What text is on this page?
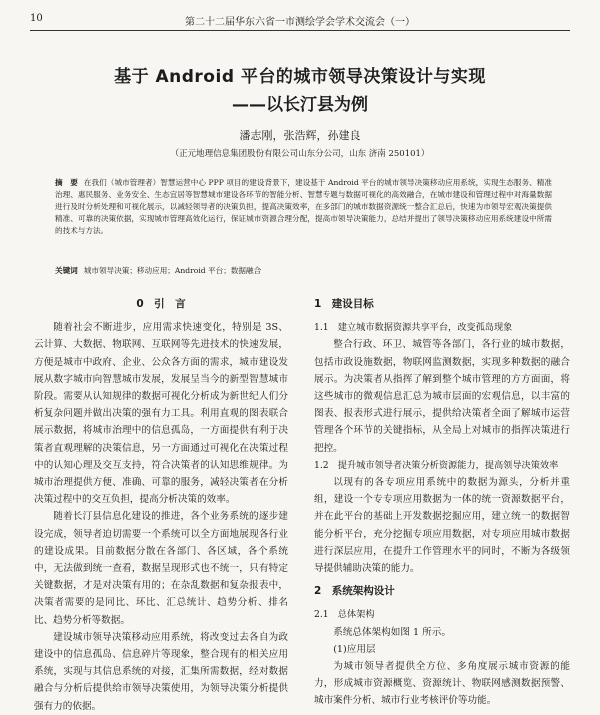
10	第二十二届华东六省一市测绘学会学术交流会（一）
基于 Android 平台的城市领导决策设计与实现
——以长汀县为例
潘志刚，张浩辉，孙建良
（正元地理信息集团股份有限公司山东分公司，山东 济南 250101）
摘　要 在我们（城市管理者）智慧运营中心 PPP 项目的建设背景下，建设基于 Android 平台的城市领导决策移动应用系统，实现生态服务、精准治理、惠民服务、业务安全、生态宜居等智慧城市建设各环节的智能分析、智慧专题与数据可视化的高效融合，在城市建设和管理过程中对海量数据进行及时分析处理和可视化展示，以减轻领导者的决策负担，提高决策效率，在多部门的城市数据资源统一整合汇总后，快速为市领导宏观决策提供精准、可靠的决策依据，实现城市管理高效化运行，保证城市资源合理分配，提高市领导决策能力，总结并提出了领导决策移动应用系统建设中所需的技术与方法。
关键词 城市领导决策；移动应用；Android 平台；数据融合
0　引　言

随着社会不断进步，应用需求快速变化，特别是 3S、云计算、大数据、物联网、互联网等先进技术的快速发展，方便是城市中政府、企业、公众各方面的需求，城市建设发展从数字城市向智慧城市发展，发展呈当今的新型智慧城市阶段。需要从认知规律的数据可视化分析成为新世纪人们分析复杂问题并做出决策的强有力工具。利用直观的图表联合展示数据，将城市治理中的信息孤岛，一方面提供有利于决策者直观理解的决策信息，另一方面通过可视化在决策过程中的认知心理及交互支持，符合决策者的认知思维规律。为城市治理提供方便、准确、可靠的服务，减轻决策者在分析决策过程中的交互负担，提高分析决策的效率。

随着长汀县信息化建设的推进，各个业务系统的逐步建设完成，领导者迫切需要一个系统可以全方面地展现各行业的建设成果。目前数据分散在各部门、各区域，各个系统中，无法做到统一查看，数据呈现形式也不统一，只有特定关键数据，才是对决策有用的；在杂乱数据和复杂报表中，决策者需要的是同比、环比、汇总统计、趋势分析、排名比、趋势分析等数据。

建设城市领导决策移动应用系统，将改变过去各自为政建设中的信息孤岛、信息碎片等现象，整合现有的相关应用系统，实现与其信息系统的对接，汇集所需数据，经对数据融合与分析后提供给市领导决策使用，为领导决策分析提供强有力的依据。

1　建设目标
1.1　建立城市数据资源共享平台，改变孤岛现象

整合行政、环卫、城管等各部门，各行业的城市数据，包括市政设施数据，物联网监测数据，实现多种数据的融合展示。为决策者从指挥了解到整个城市管理的方方面面，将这些城市的微观信息汇总为城市层面的宏观信息，以丰富的图表、报表形式进行展示，提供给决策者全面了解城市运营管理各个环节的关键指标，从全局上对城市的指挥决策进行把控。

1.2　提升城市领导者决策分析资源能力，提高领导决策效率

以现有的各专项应用系统中的数据为源头，分析并重组，建设一个专专项应用数据为一体的统一资源数据平台，并在此平台的基础上开发数据挖掘应用，建立统一的数据智能分析平台，充分挖掘专项应用数据，对专项应用城市数据进行深层应用，在提升工作管理水平的同时，不断为各级领导提供辅助决策的能力。

2　系统架构设计
2.1　总体架构

系统总体架构如图 1 所示。

(1)应用层

为城市领导者提供全方位、多角度展示城市资源的能力，形成城市资源概览、资源统计、物联网感测数据预警、城市案件分析、城市行业考核评价等功能。
